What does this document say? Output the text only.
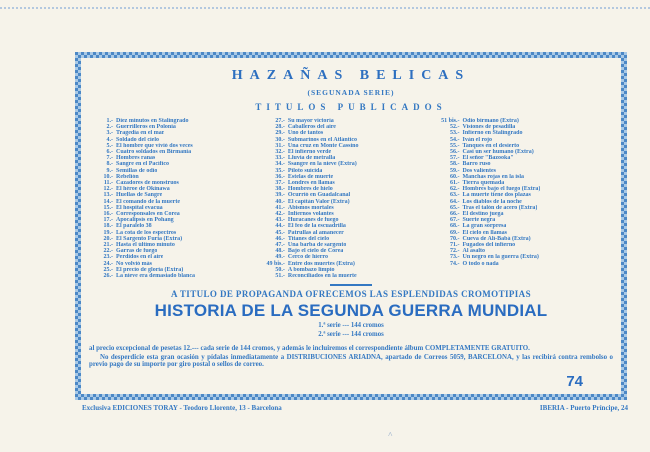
HAZAÑAS BELICAS
(SEGUNADA SERIE)
TITULOS PUBLICADOS
1.- Diez minutos en Stalingrado
2.- Guerrilleros en Polonia
3.- Tragedia en el mar
4.- Soldado del cielo
5.- El hombre que vivió dos veces
6.- Cuatro soldados en Birmania
7.- Hombres ranas
8.- Sangre en el Pacífico
9.- Semillas de odio
10.- Rebelión
11.- Cazadores de monstruos
12.- El héroe de Okinawa
13.- Huellas de Sangre
14.- El comando de la muerte
15.- El hospital evacua
16.- Corresponsales en Corea
17.- Apocalipsis en Pohang
18.- El paralelo 38
19.- La cota de los espectros
20.- El Sargento Furia (Extra)
21.- Hasta el último minuto
22.- Garras de fuego
23.- Perdidos en el aire
24.- No volvió más
25.- El precio de gloria (Extra)
26.- La nieve era demasiado blanca
27.- Su mayor victoria
28.- Caballeros del aire
29.- Uno de tantos
30.- Submarinos en el Atlántico
31.- Una cruz en Monte Cassino
32.- El infierno verde
33.- Lluvia de metralla
34.- Ssangre en la nieve (Extra)
35.- Piloto suicida
36.- Estelas de muerte
37.- Londres en llamas
38.- Hombres de hielo
39.- Ocurrió en Guadalcanal
40.- El capitán Valor (Extra)
41.- Abismos mortales
42.- Infiernos volantes
43.- Huracanes de fuego
44.- El feo de la escuadrilla
45.- Patrullas al amanecer
46.- Titanes del cielo
47.- Una barba de sargento
48.- Bajo el cielo de Corea
49.- Cerco de hierro
49 bis.- Entre dos muertes (Extra)
50.- A bombazo limpio
51.- Reconciliados en la muerte
51 bis.- Odio birmano (Extra)
52.- Visiones de pesadilla
53.- Infierno en Stalingrado
54.- Iván el rojo
55.- Tanques en el desierto
56.- Casi un ser humano (Extra)
57.- El señor "Bazooka"
58.- Barro ruso
59.- Dos valientes
60.- Manchas rojas en la isla
61.- Tierra quemada
62.- Hombres bajo el fuego (Extra)
63.- La muerte tiene dos plazas
64.- Los diablos de la noche
65.- Tras el talón de acero (Extra)
66.- El destino juega
67.- Suerte negra
68.- La gran sorpresa
69.- El cielo en llamas
70.- Cueva de Alí-Babá (Extra)
71.- Fugados del infierno
72.- Al asalto
73.- Un negro en la guerra (Extra)
74.- O todo o nada
A TITULO DE PROPAGANDA OFRECEMOS LAS ESPLENDIDAS CROMOTIPIAS
HISTORIA DE LA SEGUNDA GUERRA MUNDIAL
1.ª serie --- 144 cromos
2.ª serie --- 144 cromos

al precio excepcional de pesetas 12.--- cada serie de 144 cromos, y además le incluiremos el correspondiente álbum COMPLETAMENTE GRATUITO.

No desperdicie esta gran ocasión y pídalas inmediatamente a DISTRIBUCIONES ARIADNA, apartado de Correos 5059, BARCELONA, y las recibirá contra rembolso o previo pago de su importe por giro postal o sellos de correo.

74
Exclusiva EDICIONES TORAY - Teodoro Llorente, 13 - Barcelona	IBERIA - Puerto Príncipe, 24
˄
